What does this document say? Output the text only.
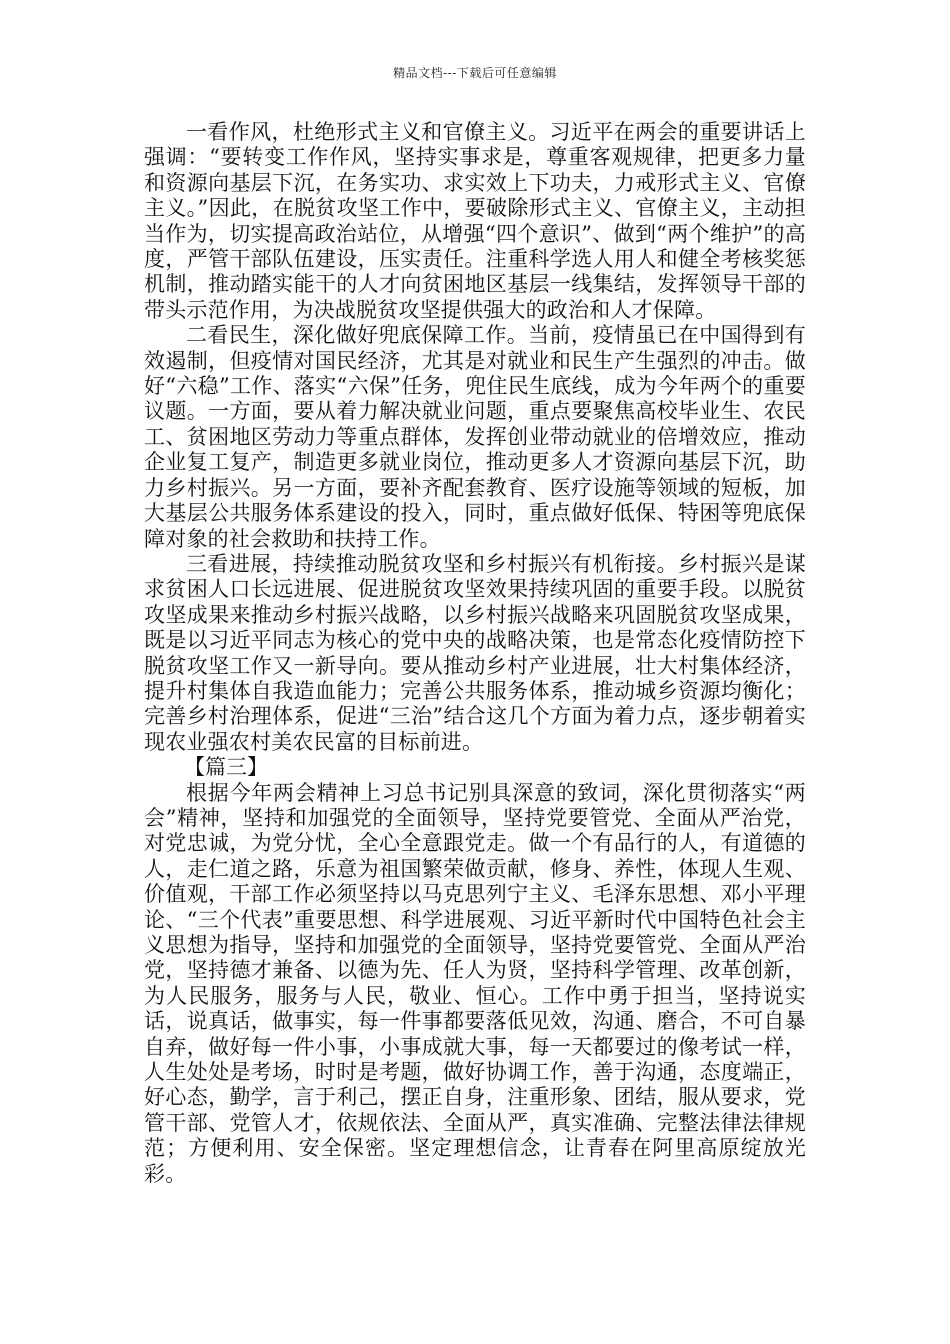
精品文档---下载后可任意编辑

一看作风，杜绝形式主义和官僚主义。习近平在两会的重要讲话上强调：“要转变工作作风，坚持实事求是，尊重客观规律，把更多力量和资源向基层下沉，在务实功、求实效上下功夫，力戒形式主义、官僚主义。”因此，在脱贫攻坚工作中，要破除形式主义、官僚主义，主动担当作为，切实提高政治站位，从增强“四个意识”、做到“两个维护”的高度，严管干部队伍建设，压实责任。注重科学选人用人和健全考核奖惩机制，推动踏实能干的人才向贫困地区基层一线集结，发挥领导干部的带头示范作用，为决战脱贫攻坚提供强大的政治和人才保障。

二看民生，深化做好兜底保障工作。当前，疫情虽已在中国得到有效遏制，但疫情对国民经济，尤其是对就业和民生产生强烈的冲击。做好“六稳”工作、落实“六保”任务，兜住民生底线，成为今年两个的重要议题。一方面，要从着力解决就业问题，重点要聚焦高校毕业生、农民工、贫困地区劳动力等重点群体，发挥创业带动就业的倍增效应，推动企业复工复产，制造更多就业岗位，推动更多人才资源向基层下沉，助力乡村振兴。另一方面，要补齐配套教育、医疗设施等领域的短板，加大基层公共服务体系建设的投入，同时，重点做好低保、特困等兜底保障对象的社会救助和扶持工作。

三看进展，持续推动脱贫攻坚和乡村振兴有机衔接。乡村振兴是谋求贫困人口长远进展、促进脱贫攻坚效果持续巩固的重要手段。以脱贫攻坚成果来推动乡村振兴战略，以乡村振兴战略来巩固脱贫攻坚成果，既是以习近平同志为核心的党中央的战略决策，也是常态化疫情防控下脱贫攻坚工作又一新导向。要从推动乡村产业进展，壮大村集体经济，提升村集体自我造血能力；完善公共服务体系，推动城乡资源均衡化；完善乡村治理体系，促进“三治”结合这几个方面为着力点，逐步朝着实现农业强农村美农民富的目标前进。

【篇三】

根据今年两会精神上习总书记别具深意的致词，深化贯彻落实“两会”精神，坚持和加强党的全面领导，坚持党要管党、全面从严治党，对党忠诚，为党分忧，全心全意跟党走。做一个有品行的人，有道德的人，走仁道之路，乐意为祖国繁荣做贡献，修身、养性，体现人生观、价值观，干部工作必须坚持以马克思列宁主义、毛泽东思想、邓小平理论、“三个代表”重要思想、科学进展观、习近平新时代中国特色社会主义思想为指导，坚持和加强党的全面领导，坚持党要管党、全面从严治党，坚持德才兼备、以德为先、任人为贤，坚持科学管理、改革创新，为人民服务，服务与人民，敬业、恒心。工作中勇于担当，坚持说实话，说真话，做事实，每一件事都要落低见效，沟通、磨合，不可自暴自弃，做好每一件小事，小事成就大事，每一天都要过的像考试一样，人生处处是考场，时时是考题，做好协调工作，善于沟通，态度端正，好心态，勤学，言于利己，摆正自身，注重形象、团结，服从要求，党管干部、党管人才，依规依法、全面从严，真实准确、完整法律法律规范；方便利用、安全保密。坚定理想信念，让青春在阿里高原绽放光彩。
